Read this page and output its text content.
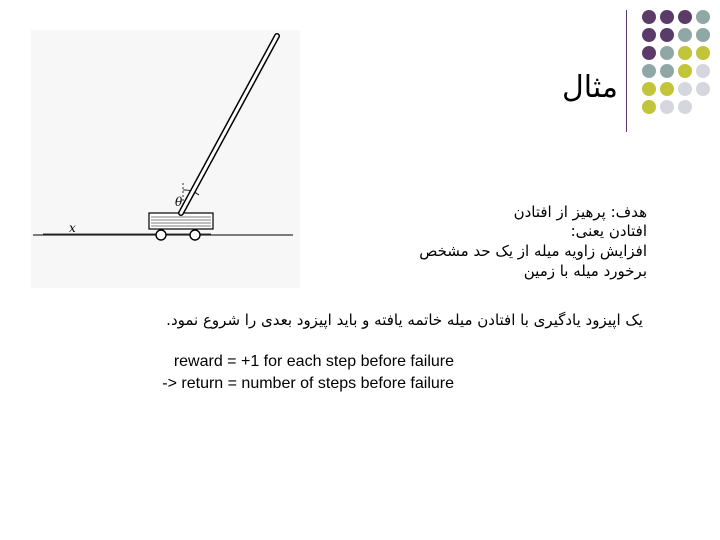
مثال
θ
x
هدف: پرهیز از افتادن
افتادن یعنی:
افزایش زاویه میله از یک حد مشخص
برخورد میله با زمین
یک اپیزود یادگیری با افتادن میله خاتمه یافته و باید اپیزود بعدی را شروع نمود.
reward = +1 for each step before failure
-> return = number of steps before failure
